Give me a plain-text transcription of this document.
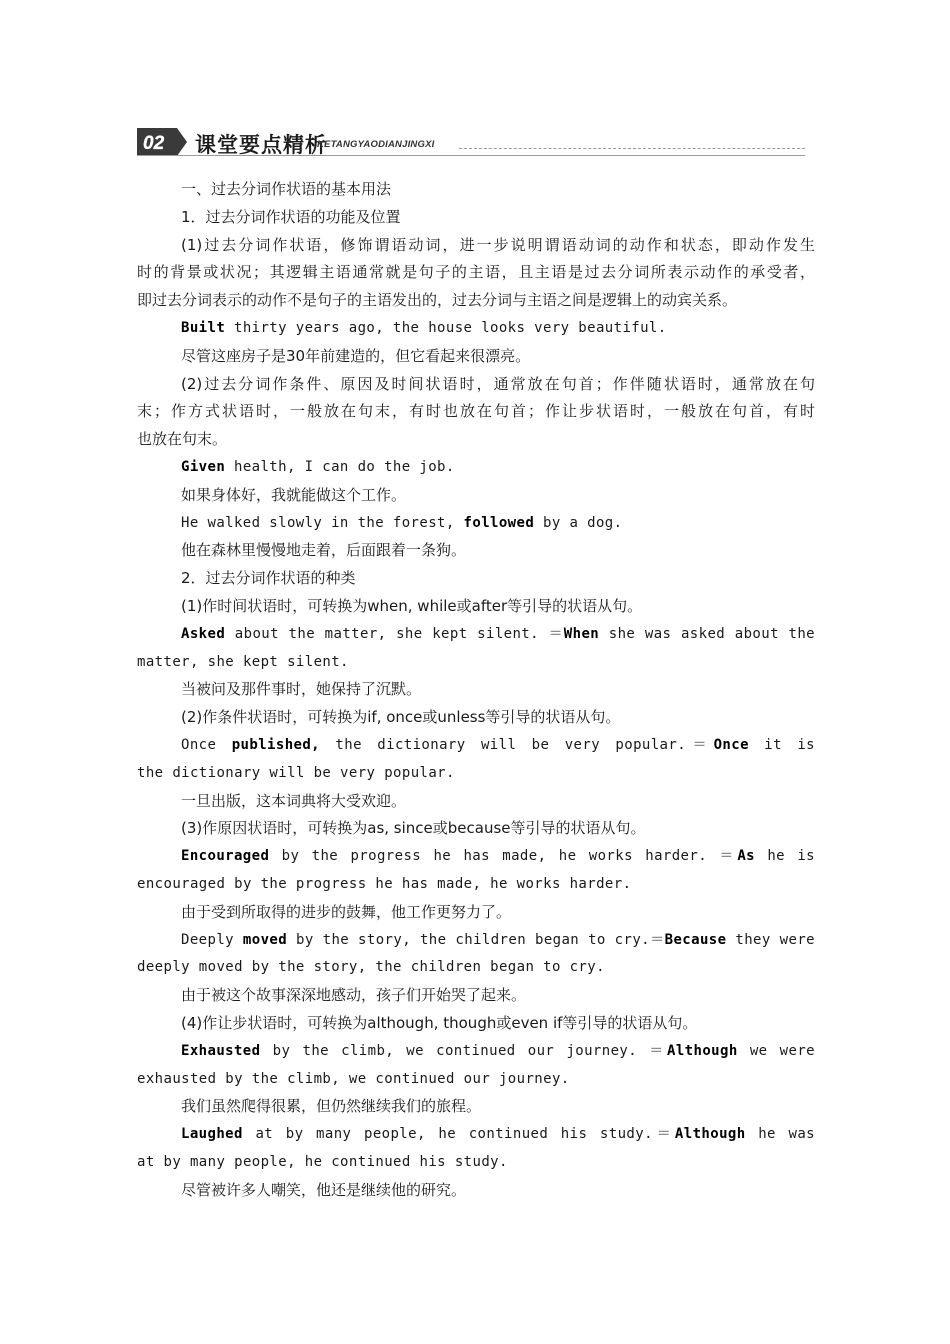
02 课堂要点精析
KETANGYAODIANJINGXI
一、过去分词作状语的基本用法
1．过去分词作状语的功能及位置
(1)过去分词作状语，修饰谓语动词，进一步说明谓语动词的动作和状态，即动作发生
时的背景或状况；其逻辑主语通常就是句子的主语，且主语是过去分词所表示动作的承受者，
即过去分词表示的动作不是句子的主语发出的，过去分词与主语之间是逻辑上的动宾关系。
Built thirty years ago, the house looks very beautiful.
尽管这座房子是30年前建造的，但它看起来很漂亮。
(2)过去分词作条件、原因及时间状语时，通常放在句首；作伴随状语时，通常放在句
末；作方式状语时，一般放在句末，有时也放在句首；作让步状语时，一般放在句首，有时
也放在句末。
Given health, I can do the job.
如果身体好，我就能做这个工作。
He walked slowly in the forest, followed by a dog.
他在森林里慢慢地走着，后面跟着一条狗。
2．过去分词作状语的种类
(1)作时间状语时，可转换为when, while或after等引导的状语从句。
Asked about the matter, she kept silent. ＝When she was asked about the
matter, she kept silent.
当被问及那件事时，她保持了沉默。
(2)作条件状语时，可转换为if, once或unless等引导的状语从句。
Once published, the dictionary will be very popular.＝Once it is
the dictionary will be very popular.
一旦出版，这本词典将大受欢迎。
(3)作原因状语时，可转换为as, since或because等引导的状语从句。
Encouraged by the progress he has made, he works harder. ＝As he is
encouraged by the progress he has made, he works harder.
由于受到所取得的进步的鼓舞，他工作更努力了。
Deeply moved by the story, the children began to cry.＝Because they were
deeply moved by the story, the children began to cry.
由于被这个故事深深地感动，孩子们开始哭了起来。
(4)作让步状语时，可转换为although, though或even if等引导的状语从句。
Exhausted by the climb, we continued our journey. ＝Although we were
exhausted by the climb, we continued our journey.
我们虽然爬得很累，但仍然继续我们的旅程。
Laughed at by many people, he continued his study.＝Although he was
at by many people, he continued his study.
尽管被许多人嘲笑，他还是继续他的研究。
